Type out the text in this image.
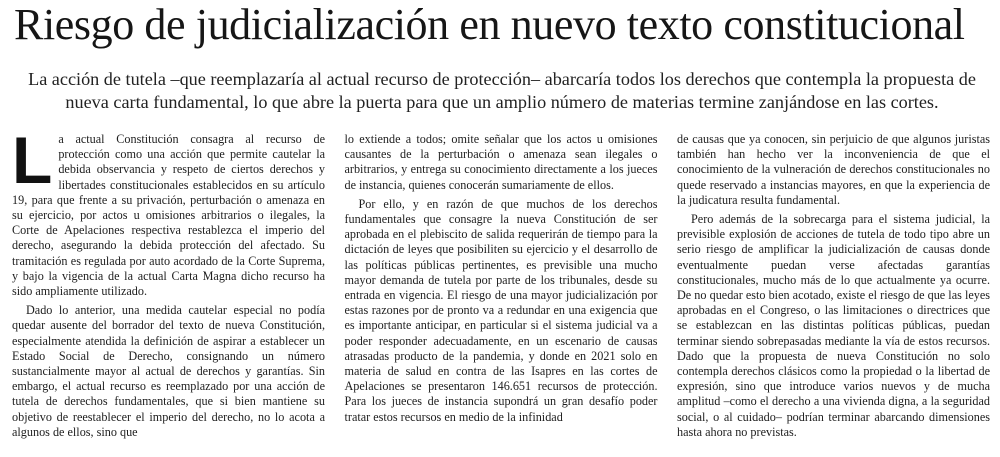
Riesgo de judicialización en nuevo texto constitucional

La acción de tutela –que reemplazaría al actual recurso de protección– abarcaría todos los derechos que contempla la propuesta de nueva carta fundamental, lo que abre la puerta para que un amplio número de materias termine zanjándose en las cortes.

La actual Constitución consagra al recurso de protección como una acción que permite cautelar la debida observancia y respeto de ciertos derechos y libertades constitucionales establecidos en su artículo 19, para que frente a su privación, perturbación o amenaza en su ejercicio, por actos u omisiones arbitrarios o ilegales, la Corte de Apelaciones respectiva restablezca el imperio del derecho, asegurando la debida protección del afectado. Su tramitación es regulada por auto acordado de la Corte Suprema, y bajo la vigencia de la actual Carta Magna dicho recurso ha sido ampliamente utilizado.

Dado lo anterior, una medida cautelar especial no podía quedar ausente del borrador del texto de nueva Constitución, especialmente atendida la definición de aspirar a establecer un Estado Social de Derecho, consignando un número sustancialmente mayor al actual de derechos y garantías. Sin embargo, el actual recurso es reemplazado por una acción de tutela de derechos fundamentales, que si bien mantiene su objetivo de reestablecer el imperio del derecho, no lo acota a algunos de ellos, sino que

lo extiende a todos; omite señalar que los actos u omisiones causantes de la perturbación o amenaza sean ilegales o arbitrarios, y entrega su conocimiento directamente a los jueces de instancia, quienes conocerán sumariamente de ellos.

Por ello, y en razón de que muchos de los derechos fundamentales que consagre la nueva Constitución de ser aprobada en el plebiscito de salida requerirán de tiempo para la dictación de leyes que posibiliten su ejercicio y el desarrollo de las políticas públicas pertinentes, es previsible una mucho mayor demanda de tutela por parte de los tribunales, desde su entrada en vigencia. El riesgo de una mayor judicialización por estas razones por de pronto va a redundar en una exigencia que es importante anticipar, en particular si el sistema judicial va a poder responder adecuadamente, en un escenario de causas atrasadas producto de la pandemia, y donde en 2021 solo en materia de salud en contra de las Isapres en las cortes de Apelaciones se presentaron 146.651 recursos de protección. Para los jueces de instancia supondrá un gran desafío poder tratar estos recursos en medio de la infinidad

de causas que ya conocen, sin perjuicio de que algunos juristas también han hecho ver la inconveniencia de que el conocimiento de la vulneración de derechos constitucionales no quede reservado a instancias mayores, en que la experiencia de la judicatura resulta fundamental.

Pero además de la sobrecarga para el sistema judicial, la previsible explosión de acciones de tutela de todo tipo abre un serio riesgo de amplificar la judicialización de causas donde eventualmente puedan verse afectadas garantías constitucionales, mucho más de lo que actualmente ya ocurre. De no quedar esto bien acotado, existe el riesgo de que las leyes aprobadas en el Congreso, o las limitaciones o directrices que se establezcan en las distintas políticas públicas, puedan terminar siendo sobrepasadas mediante la vía de estos recursos. Dado que la propuesta de nueva Constitución no solo contempla derechos clásicos como la propiedad o la libertad de expresión, sino que introduce varios nuevos y de mucha amplitud –como el derecho a una vivienda digna, a la seguridad social, o al cuidado– podrían terminar abarcando dimensiones hasta ahora no previstas.
